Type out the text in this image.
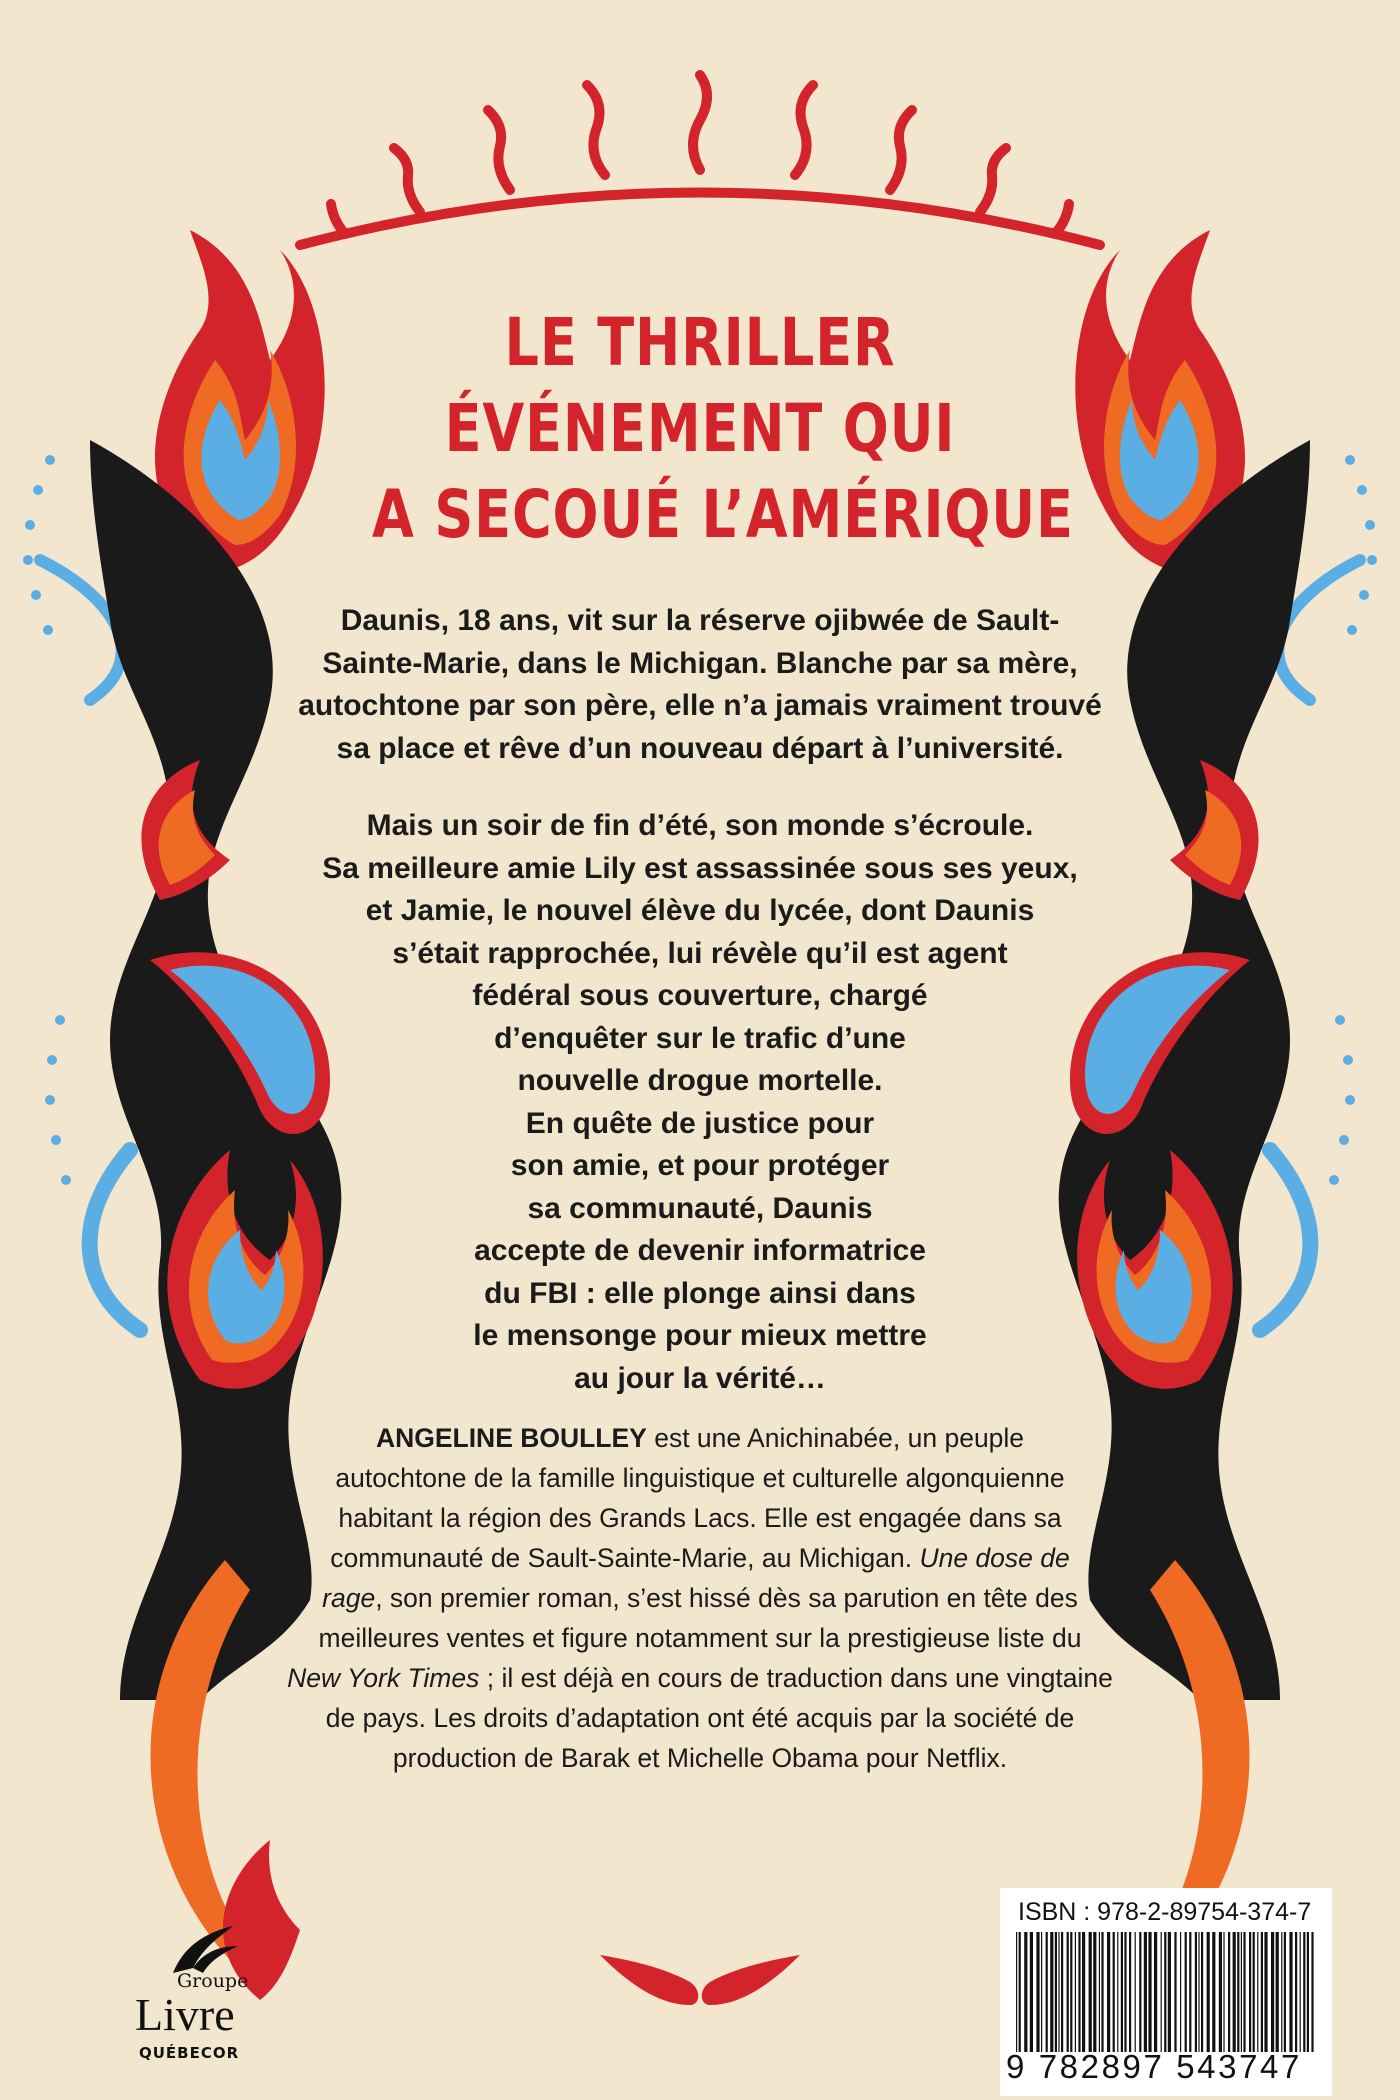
LE THRILLER
ÉVÉNEMENT QUI
A SECOUÉ L’AMÉRIQUE
Daunis, 18 ans, vit sur la réserve ojibwée de Sault-
Sainte-Marie, dans le Michigan. Blanche par sa mère,
autochtone par son père, elle n’a jamais vraiment trouvé
sa place et rêve d’un nouveau départ à l’université.
Mais un soir de fin d’été, son monde s’écroule.
Sa meilleure amie Lily est assassinée sous ses yeux,
et Jamie, le nouvel élève du lycée, dont Daunis
s’était rapprochée, lui révèle qu’il est agent
fédéral sous couverture, chargé
d’enquêter sur le trafic d’une
nouvelle drogue mortelle.
En quête de justice pour
son amie, et pour protéger
sa communauté, Daunis
accepte de devenir informatrice
du FBI : elle plonge ainsi dans
le mensonge pour mieux mettre
au jour la vérité…
ANGELINE BOULLEY est une Anichinabée, un peuple
autochtone de la famille linguistique et culturelle algonquienne
habitant la région des Grands Lacs. Elle est engagée dans sa
communauté de Sault-Sainte-Marie, au Michigan. Une dose de
rage, son premier roman, s’est hissé dès sa parution en tête des
meilleures ventes et figure notamment sur la prestigieuse liste du
New York Times ; il est déjà en cours de traduction dans une vingtaine
de pays. Les droits d’adaptation ont été acquis par la société de
production de Barak et Michelle Obama pour Netflix.
Groupe
Livre
QUÉBECOR
ISBN : 978-2-89754-374-7
9 782897 543747
